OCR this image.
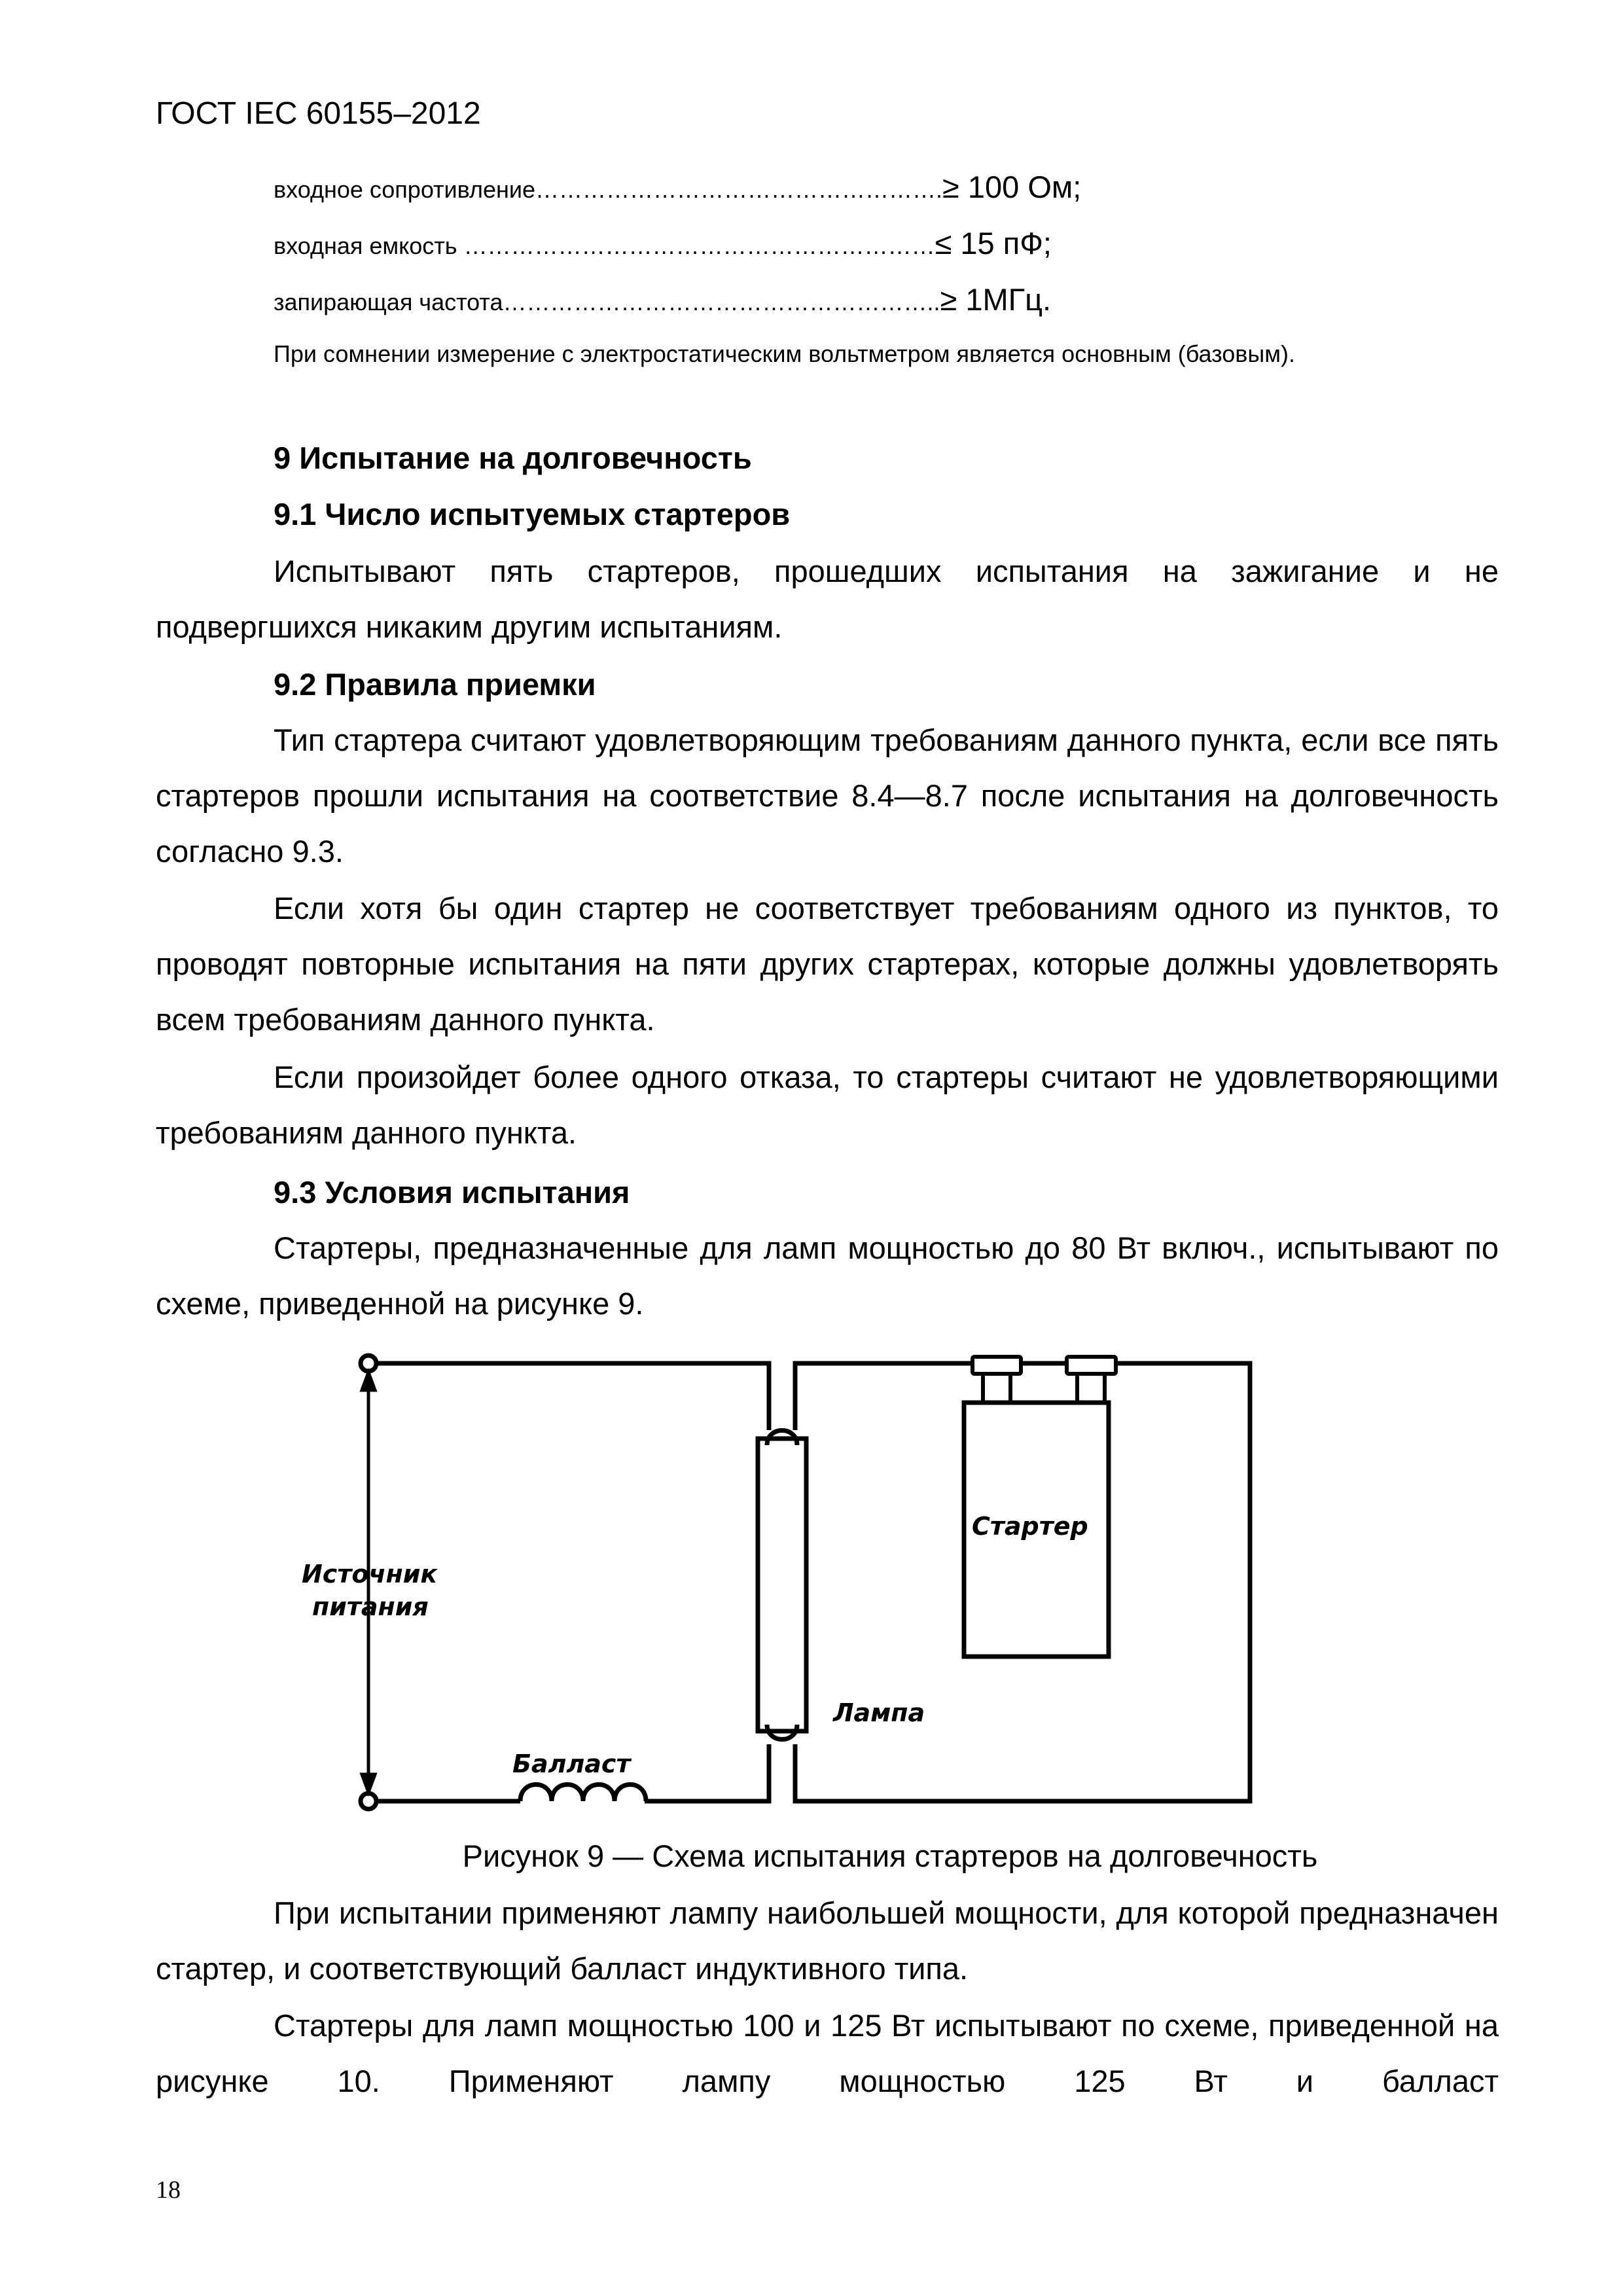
ГОСТ IEC 60155–2012
входное сопротивление…………………………………………….≥ 100 Ом;
входная емкость ……………………………………………………≤ 15 пФ;
запирающая частота………………………………………………..≥ 1МГц.
При сомнении измерение с электростатическим вольтметром является основным (базовым).
9 Испытание на долговечность
9.1 Число испытуемых стартеров

Испытывают пять стартеров, прошедших испытания на зажигание и не подвергшихся никаким другим испытаниям.

9.2 Правила приемки

Тип стартера считают удовлетворяющим требованиям данного пункта, если все пять стартеров прошли испытания на соответствие 8.4—8.7 после испытания на долговечность согласно 9.3.

Если хотя бы один стартер не соответствует требованиям одного из пунктов, то проводят повторные испытания на пяти других стартерах, которые должны удовлетворять всем требованиям данного пункта.

Если произойдет более одного отказа, то стартеры считают не удовлетворяющими требованиям данного пункта.

9.3 Условия испытания

Стартеры, предназначенные для ламп мощностью до 80 Вт включ., испытывают по схеме, приведенной на рисунке 9.

Источник
питания
Балласт
Лампа
Стартер
Рисунок 9 — Схема испытания стартеров на долговечность

При испытании применяют лампу наибольшей мощности, для которой предназначен стартер, и соответствующий балласт индуктивного типа.

Стартеры для ламп мощностью 100 и 125 Вт испытывают по схеме, приведенной на рисунке 10. Применяют лампу мощностью 125 Вт и балласт

18
